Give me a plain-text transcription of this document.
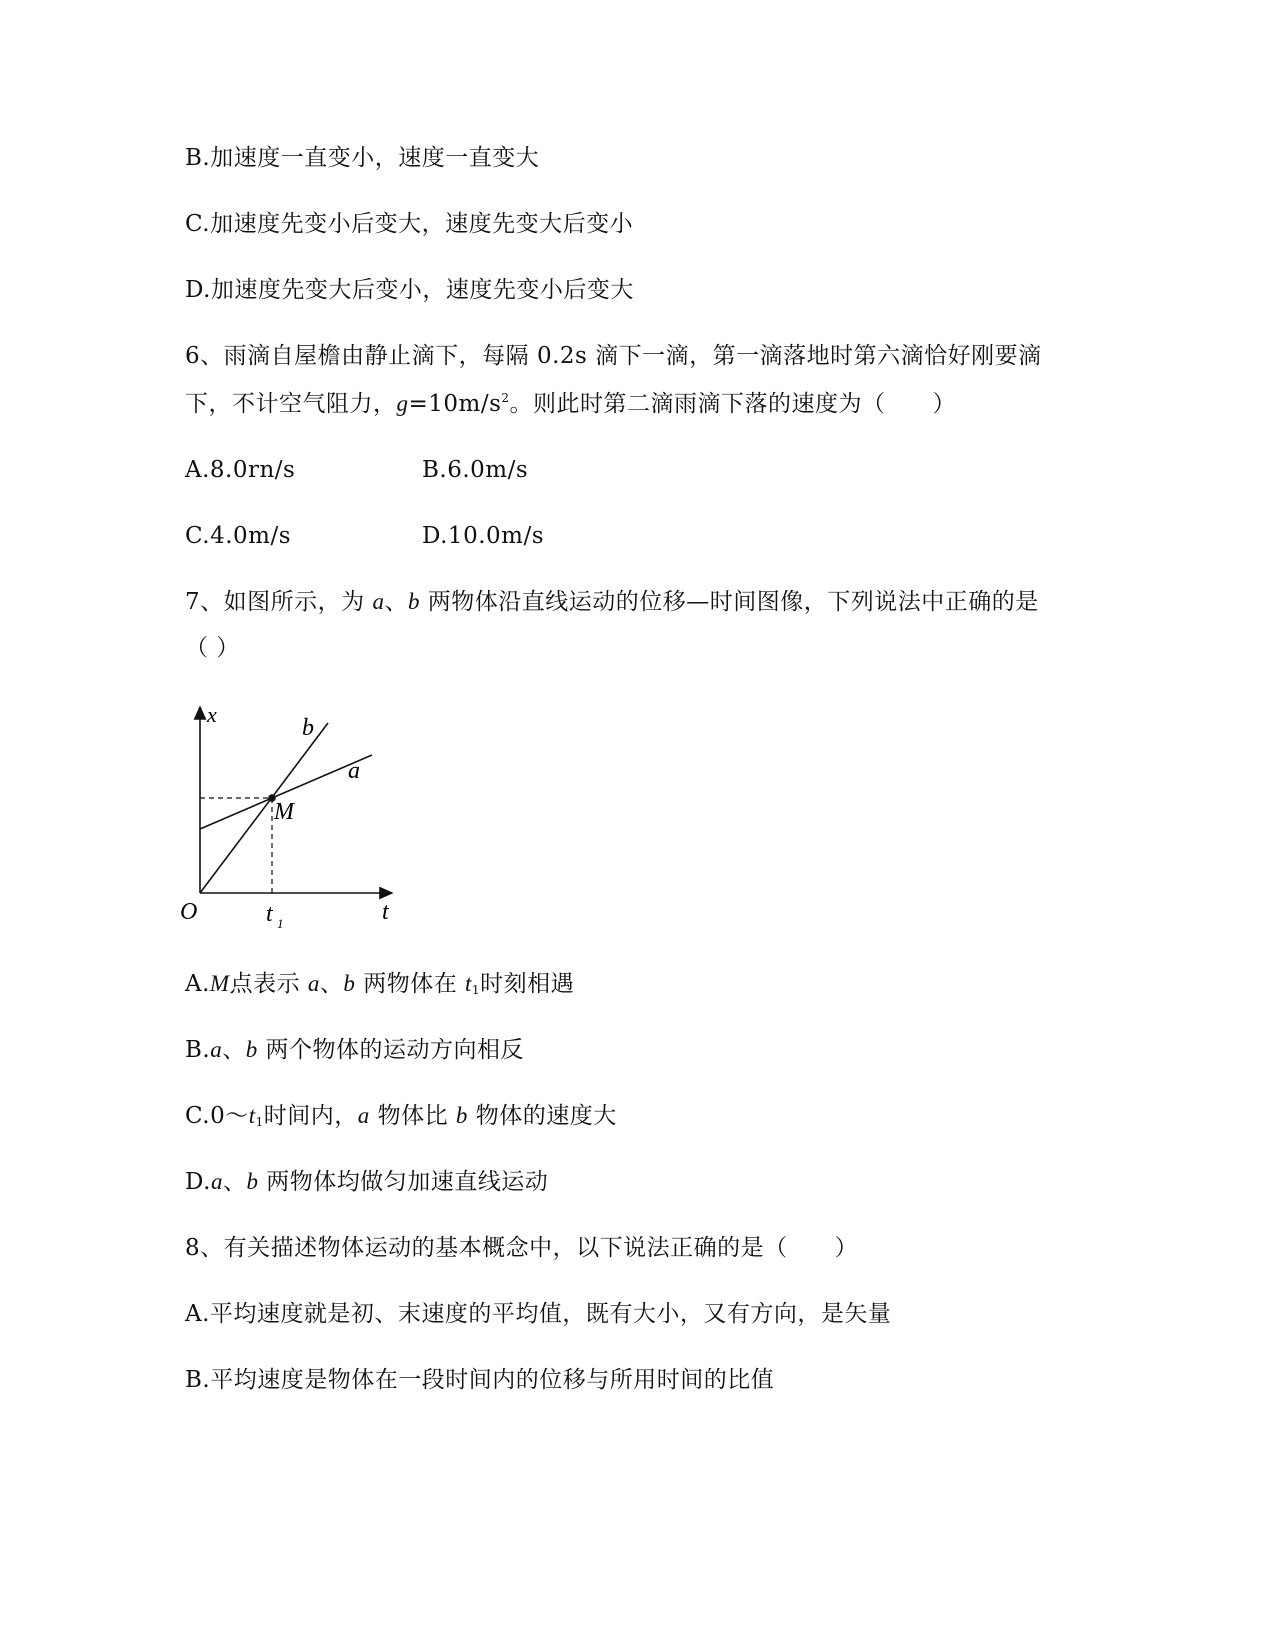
B.加速度一直变小，速度一直变大
C.加速度先变小后变大，速度先变大后变小
D.加速度先变大后变小，速度先变小后变大
6、雨滴自屋檐由静止滴下，每隔 0.2s 滴下一滴，第一滴落地时第六滴恰好刚要滴
下，不计空气阻力，$g=10m/s^2$。则此时第二滴雨滴下落的速度为（　　）
A.8.0rn/s	B.6.0m/s
C.4.0m/s	D.10.0m/s
7、如图所示，为 a、b 两物体沿直线运动的位移—时间图像，下列说法中正确的是
（ ）
x
b
a
M
O	t 1	t
A.M点表示 a、b 两物体在 $t_1$时刻相遇
B.a、b 两个物体的运动方向相反
$C.0\sim t_1$时间内，a 物体比 b 物体的速度大
D.a、b 两物体均做匀加速直线运动
8、有关描述物体运动的基本概念中，以下说法正确的是（　　）
A.平均速度就是初、末速度的平均值，既有大小，又有方向，是矢量
B.平均速度是物体在一段时间内的位移与所用时间的比值
